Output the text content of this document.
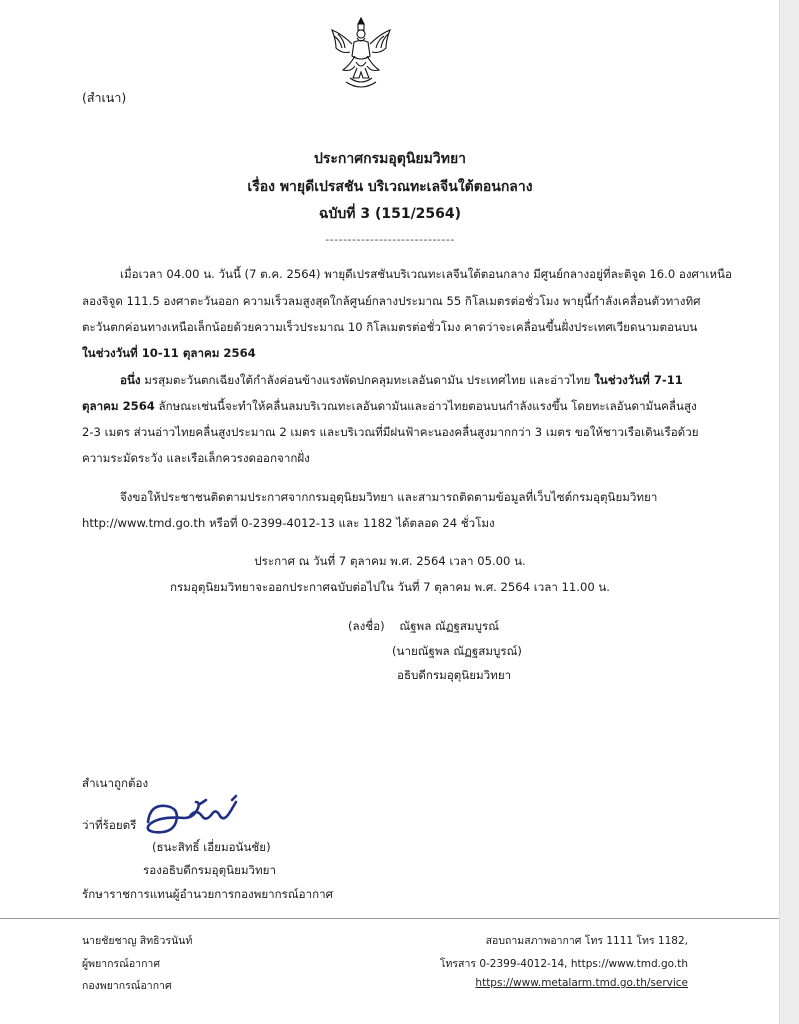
(สำเนา)
ประกาศกรมอุตุนิยมวิทยา
เรื่อง พายุดีเปรสชัน บริเวณทะเลจีนใต้ตอนกลาง
ฉบับที่ 3 (151/2564)
-----------------------------
เมื่อเวลา 04.00 น. วันนี้ (7 ต.ค. 2564) พายุดีเปรสชันบริเวณทะเลจีนใต้ตอนกลาง มีศูนย์กลางอยู่ที่ละติจูด 16.0 องศาเหนือ
ลองจิจูด 111.5 องศาตะวันออก ความเร็วลมสูงสุดใกล้ศูนย์กลางประมาณ 55 กิโลเมตรต่อชั่วโมง พายุนี้กำลังเคลื่อนตัวทางทิศ
ตะวันตกค่อนทางเหนือเล็กน้อยด้วยความเร็วประมาณ 10 กิโลเมตรต่อชั่วโมง คาดว่าจะเคลื่อนขึ้นฝั่งประเทศเวียดนามตอนบน
ในช่วงวันที่ 10-11 ตุลาคม 2564
อนึ่ง มรสุมตะวันตกเฉียงใต้กำลังค่อนข้างแรงพัดปกคลุมทะเลอันดามัน ประเทศไทย และอ่าวไทย ในช่วงวันที่ 7-11
ตุลาคม 2564 ลักษณะเช่นนี้จะทำให้คลื่นลมบริเวณทะเลอันดามันและอ่าวไทยตอนบนกำลังแรงขึ้น โดยทะเลอันดามันคลื่นสูง
2-3 เมตร ส่วนอ่าวไทยคลื่นสูงประมาณ 2 เมตร และบริเวณที่มีฝนฟ้าคะนองคลื่นสูงมากกว่า 3 เมตร ขอให้ชาวเรือเดินเรือด้วย
ความระมัดระวัง และเรือเล็กควรงดออกจากฝั่ง
จึงขอให้ประชาชนติดตามประกาศจากกรมอุตุนิยมวิทยา และสามารถติดตามข้อมูลที่เว็บไซต์กรมอุตุนิยมวิทยา
http://www.tmd.go.th หรือที่ 0-2399-4012-13 และ 1182 ได้ตลอด 24 ชั่วโมง
ประกาศ ณ วันที่ 7 ตุลาคม พ.ศ. 2564 เวลา 05.00 น.
กรมอุตุนิยมวิทยาจะออกประกาศฉบับต่อไปใน วันที่ 7 ตุลาคม พ.ศ. 2564 เวลา 11.00 น.
(ลงชื่อ) ณัฐพล ณัฏฐสมบูรณ์
(นายณัฐพล ณัฏฐสมบูรณ์)
อธิบดีกรมอุตุนิยมวิทยา
สำเนาถูกต้อง
ว่าที่ร้อยตรี
(ธนะสิทธิ์ เอี่ยมอนันชัย)
รองอธิบดีกรมอุตุนิยมวิทยา
รักษาราชการแทนผู้อำนวยการกองพยากรณ์อากาศ
นายชัยชาญ สิทธิวรนันท์
ผู้พยากรณ์อากาศ
กองพยากรณ์อากาศ
สอบถามสภาพอากาศ โทร 1111 โทร 1182,
โทรสาร 0-2399-4012-14, https://www.tmd.go.th
https://www.metalarm.tmd.go.th/service
